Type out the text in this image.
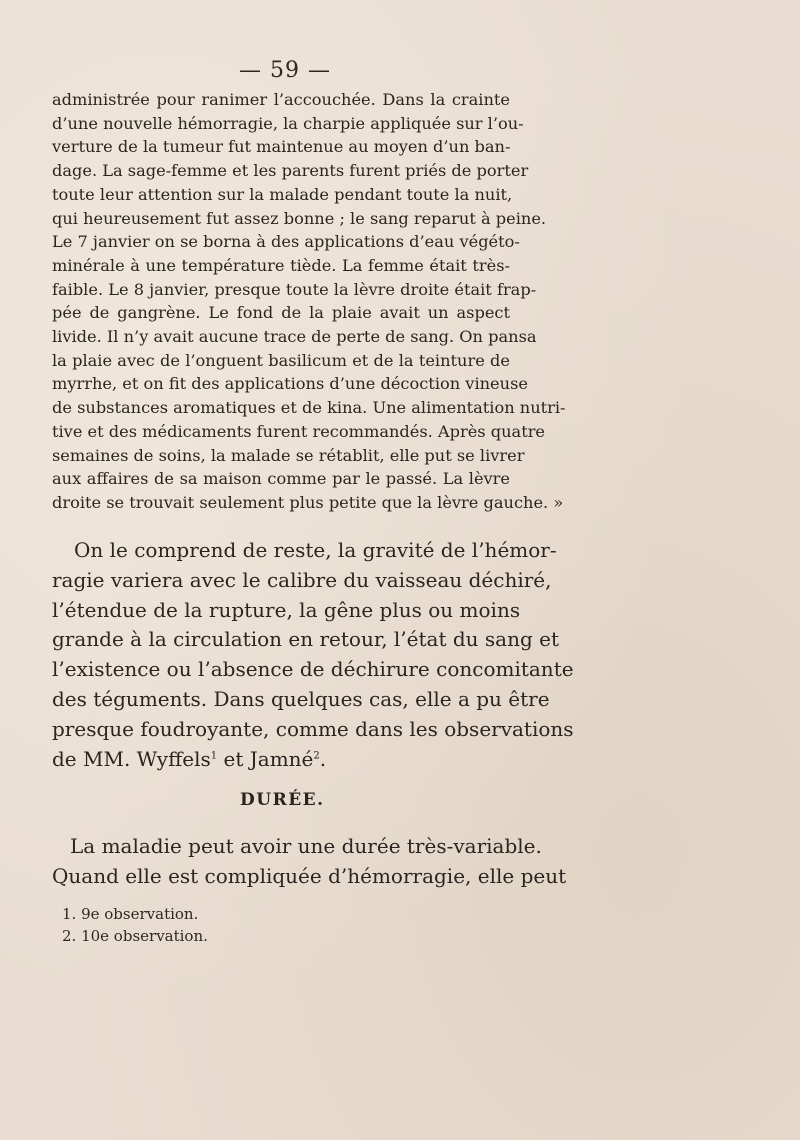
— 59 —
administrée pour ranimer l’accouchée. Dans la crainte
d’une nouvelle hémorragie, la charpie appliquée sur l’ou-
verture de la tumeur fut maintenue au moyen d’un ban-
dage. La sage-femme et les parents furent priés de porter
toute leur attention sur la malade pendant toute la nuit,
qui heureusement fut assez bonne ; le sang reparut à peine.
Le 7 janvier on se borna à des applications d’eau végéto-
minérale à une température tiède. La femme était très-
faible. Le 8 janvier, presque toute la lèvre droite était frap-
pée de gangrène. Le fond de la plaie avait un aspect
livide. Il n’y avait aucune trace de perte de sang. On pansa
la plaie avec de l’onguent basilicum et de la teinture de
myrrhe, et on fit des applications d’une décoction vineuse
de substances aromatiques et de kina. Une alimentation nutri-
tive et des médicaments furent recommandés. Après quatre
semaines de soins, la malade se rétablit, elle put se livrer
aux affaires de sa maison comme par le passé. La lèvre
droite se trouvait seulement plus petite que la lèvre gauche. »
On le comprend de reste, la gravité de l’hémor-
ragie variera avec le calibre du vaisseau déchiré,
l’étendue de la rupture, la gêne plus ou moins
grande à la circulation en retour, l’état du sang et
l’existence ou l’absence de déchirure concomitante
des téguments. Dans quelques cas, elle a pu être
presque foudroyante, comme dans les observations
de MM. Wyffels$^1$ et Jamné$^2$.
DURÉE.
La maladie peut avoir une durée très-variable.
Quand elle est compliquée d’hémorragie, elle peut
1. 9e observation.
2. 10e observation.
